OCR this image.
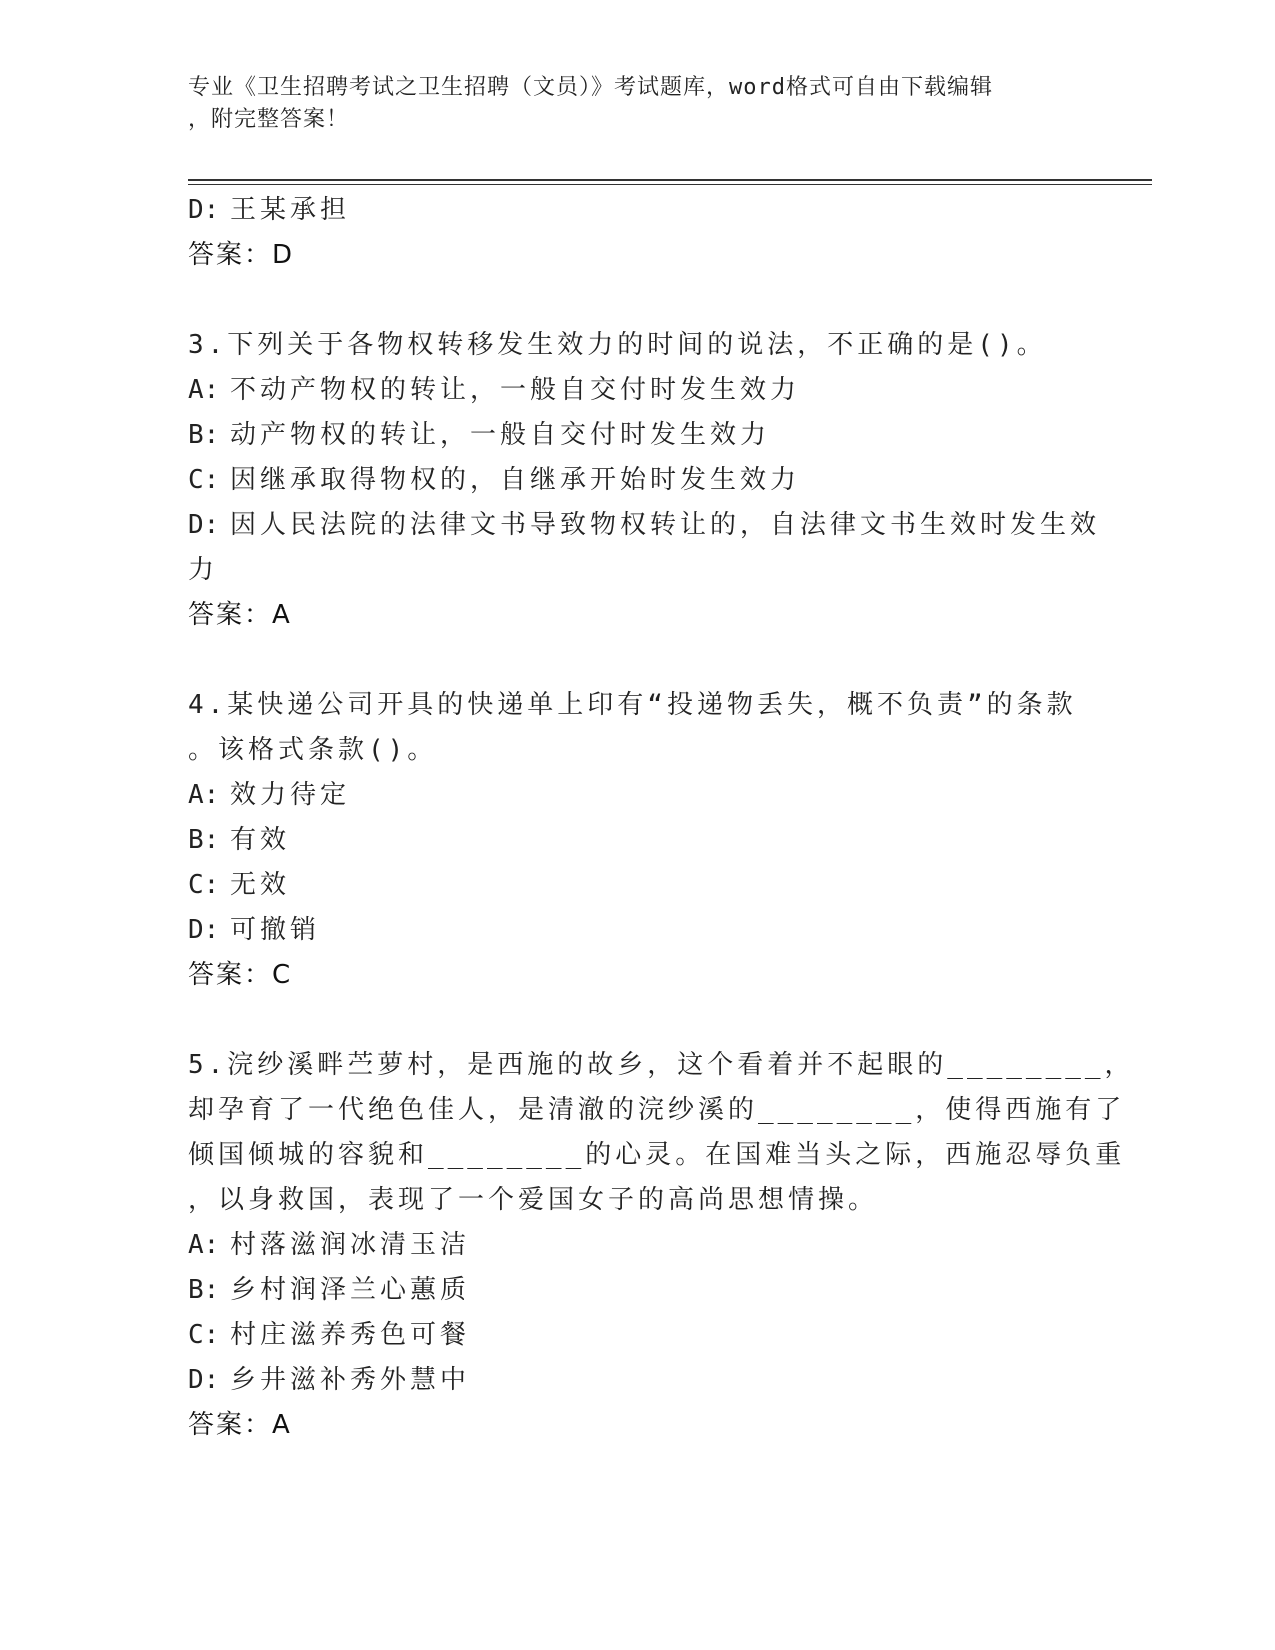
专业《卫生招聘考试之卫生招聘（文员）》考试题库，word格式可自由下载编辑
，附完整答案！
D: 王某承担
答案：D
3.下列关于各物权转移发生效力的时间的说法，不正确的是()。
A: 不动产物权的转让，一般自交付时发生效力
B: 动产物权的转让，一般自交付时发生效力
C: 因继承取得物权的，自继承开始时发生效力
D: 因人民法院的法律文书导致物权转让的，自法律文书生效时发生效
力
答案：A
4.某快递公司开具的快递单上印有“投递物丢失，概不负责”的条款
。该格式条款()。
A: 效力待定
B: 有效
C: 无效
D: 可撤销
答案：C
5.浣纱溪畔苎萝村，是西施的故乡，这个看着并不起眼的________，
却孕育了一代绝色佳人，是清澈的浣纱溪的________，使得西施有了
倾国倾城的容貌和________的心灵。在国难当头之际，西施忍辱负重
，以身救国，表现了一个爱国女子的高尚思想情操。
A: 村落滋润冰清玉洁
B: 乡村润泽兰心蕙质
C: 村庄滋养秀色可餐
D: 乡井滋补秀外慧中
答案：A
